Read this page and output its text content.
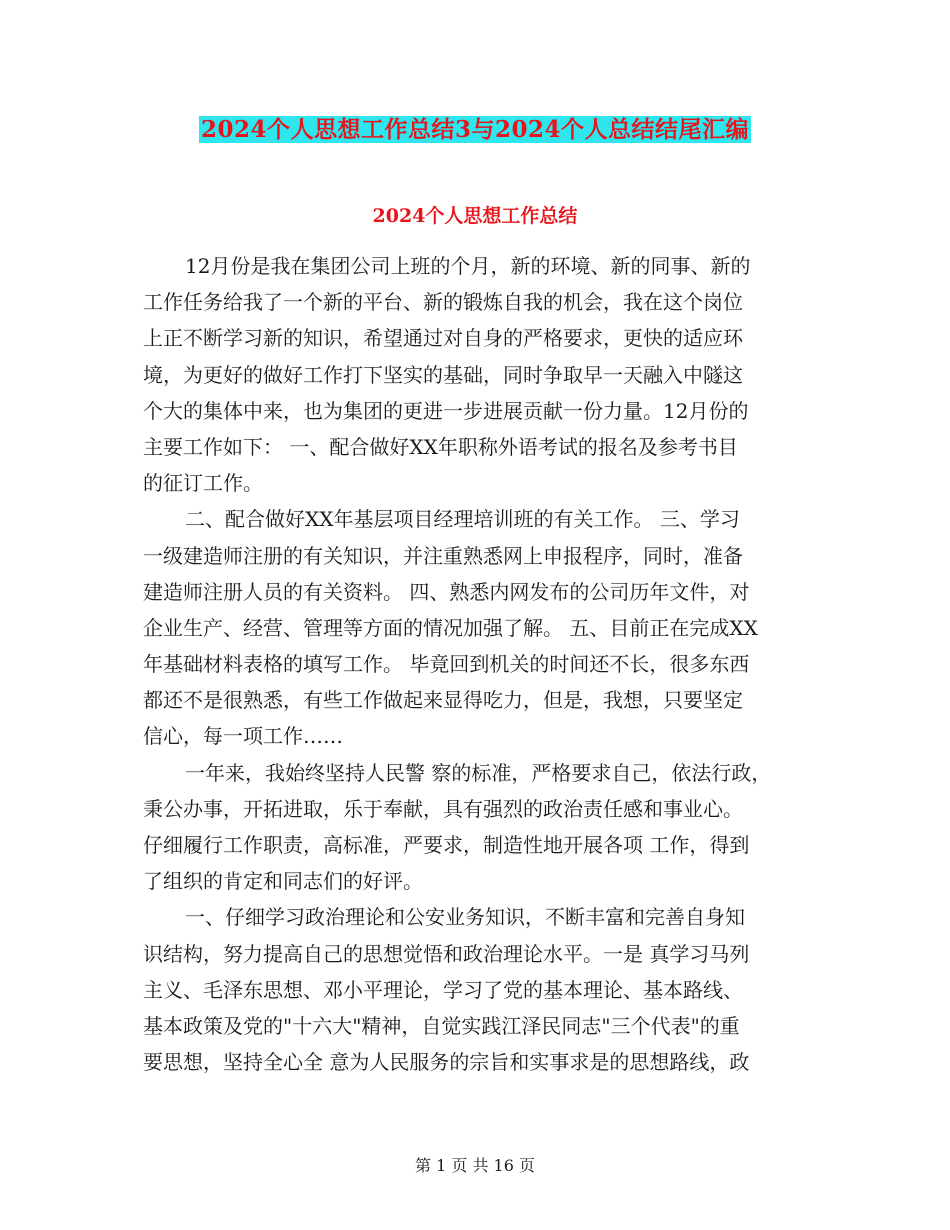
2024个人思想工作总结3与2024个人总结结尾汇编
2024个人思想工作总结
12月份是我在集团公司上班的个月，新的环境、新的同事、新的
工作任务给我了一个新的平台、新的锻炼自我的机会，我在这个岗位
上正不断学习新的知识，希望通过对自身的严格要求，更快的适应环
境，为更好的做好工作打下坚实的基础，同时争取早一天融入中隧这
个大的集体中来，也为集团的更进一步进展贡献一份力量。12月份的
主要工作如下： 一、配合做好XX年职称外语考试的报名及参考书目
的征订工作。
二、配合做好XX年基层项目经理培训班的有关工作。 三、学习
一级建造师注册的有关知识，并注重熟悉网上申报程序，同时，准备
建造师注册人员的有关资料。 四、熟悉内网发布的公司历年文件，对
企业生产、经营、管理等方面的情况加强了解。 五、目前正在完成XX
年基础材料表格的填写工作。 毕竟回到机关的时间还不长，很多东西
都还不是很熟悉，有些工作做起来显得吃力，但是，我想，只要坚定
信心，每一项工作……
一年来，我始终坚持人民警 察的标准，严格要求自己，依法行政，
秉公办事，开拓进取，乐于奉献，具有强烈的政治责任感和事业心。
仔细履行工作职责，高标准，严要求，制造性地开展各项 工作，得到
了组织的肯定和同志们的好评。
一、仔细学习政治理论和公安业务知识，不断丰富和完善自身知
识结构，努力提高自己的思想觉悟和政治理论水平。一是 真学习马列
主义、毛泽东思想、邓小平理论，学习了党的基本理论、基本路线、
基本政策及党的"十六大"精神，自觉实践江泽民同志"三个代表"的重
要思想，坚持全心全 意为人民服务的宗旨和实事求是的思想路线，政
第 1 页 共 16 页
